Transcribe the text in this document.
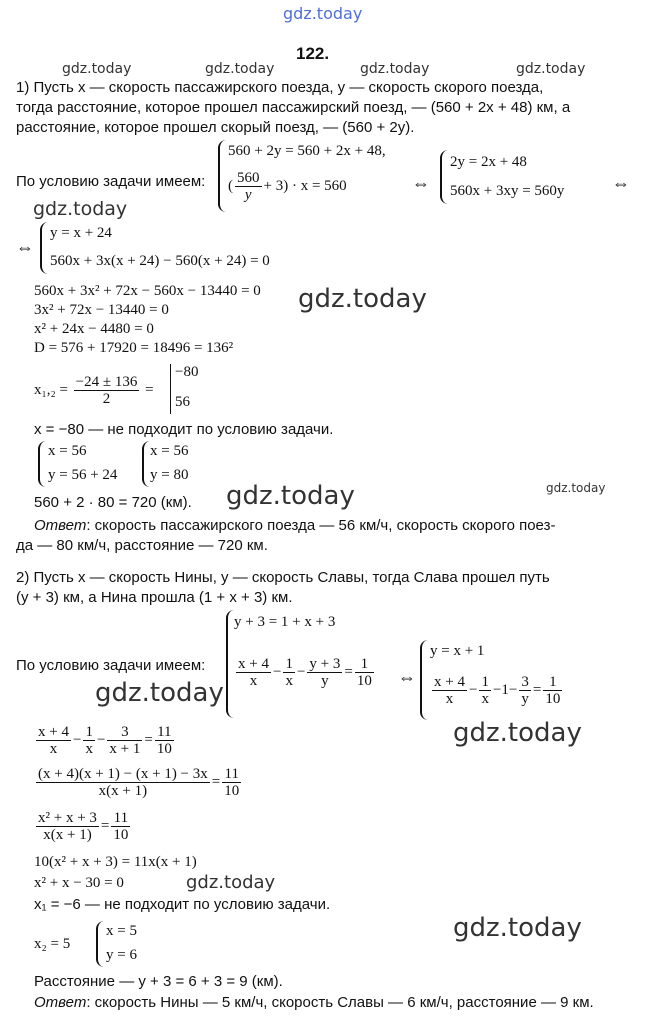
gdz.today
gdz.today	gdz.today	gdz.today	gdz.today
gdz.today
gdz.today
gdz.today	gdz.today
gdz.today
gdz.today
gdz.today
gdz.today
122.
1) Пусть x — скорость пассажирского поезда, y — скорость скорого поезда,
тогда расстояние, которое прошел пассажирский поезд, — (560 + 2x + 48) км, а
расстояние, которое прошел скорый поезд, — (560 + 2y).
По условию задачи имеем:
560 + 2y = 560 + 2x + 48,
( $\frac{560}{y} + 3) \cdot x = 560$	⇔
2y = 2x + 48
560x + 3xy = 560y	⇔
⇔
y = x + 24
560x + 3x(x + 24) − 560(x + 24) = 0
560x + 3x² + 72x − 560x − 13440 = 0
3x² + 72x − 13440 = 0
x² + 24x − 4480 = 0
D = 576 + 17920 = 18496 = 136²
$x_1,_2 = \frac{-24 \pm 136}{2}$ =
−80
56
x = −80 — не подходит по условию задачи.
x = 56
y = 56 + 24
x = 56
y = 80
560 + 2 · 80 = 720 (км).
Ответ: скорость пассажирского поезда — 56 км/ч, скорость скорого поез-
да — 80 км/ч, расстояние — 720 км.
2) Пусть x — скорость Нины, y — скорость Славы, тогда Слава прошел путь
(y + 3) км, а Нина прошла (1 + x + 3) км.
По условию задачи имеем:
y + 3 = 1 + x + 3
$\frac{x + 4}{x} - \frac{1}{x} - \frac{y + 3}{y} = \frac{1}{10}$ ⇔
y = x + 1
$\frac{x + 4}{x} - \frac{1}{x} -1- \frac{3}{y} = \frac{1}{10}$
$\frac{x + 4}{x} - \frac{1}{x} - \frac{3}{x + 1} = \frac{11}{10}$
$\frac{(x + 4)(x + 1) - (x + 1) - 3x}{x(x + 1)} = \frac{11}{10}$
$\frac{\text{x² + x + 3}}{x(x + 1)} = \frac{11}{10}$
10(x² + x + 3) = 11x(x + 1)
x² + x − 30 = 0
x₁ = −6 — не подходит по условию задачи.
x₂ = 5
x = 5
y = 6
Расстояние — y + 3 = 6 + 3 = 9 (км).
Ответ: скорость Нины — 5 км/ч, скорость Славы — 6 км/ч, расстояние — 9 км.
